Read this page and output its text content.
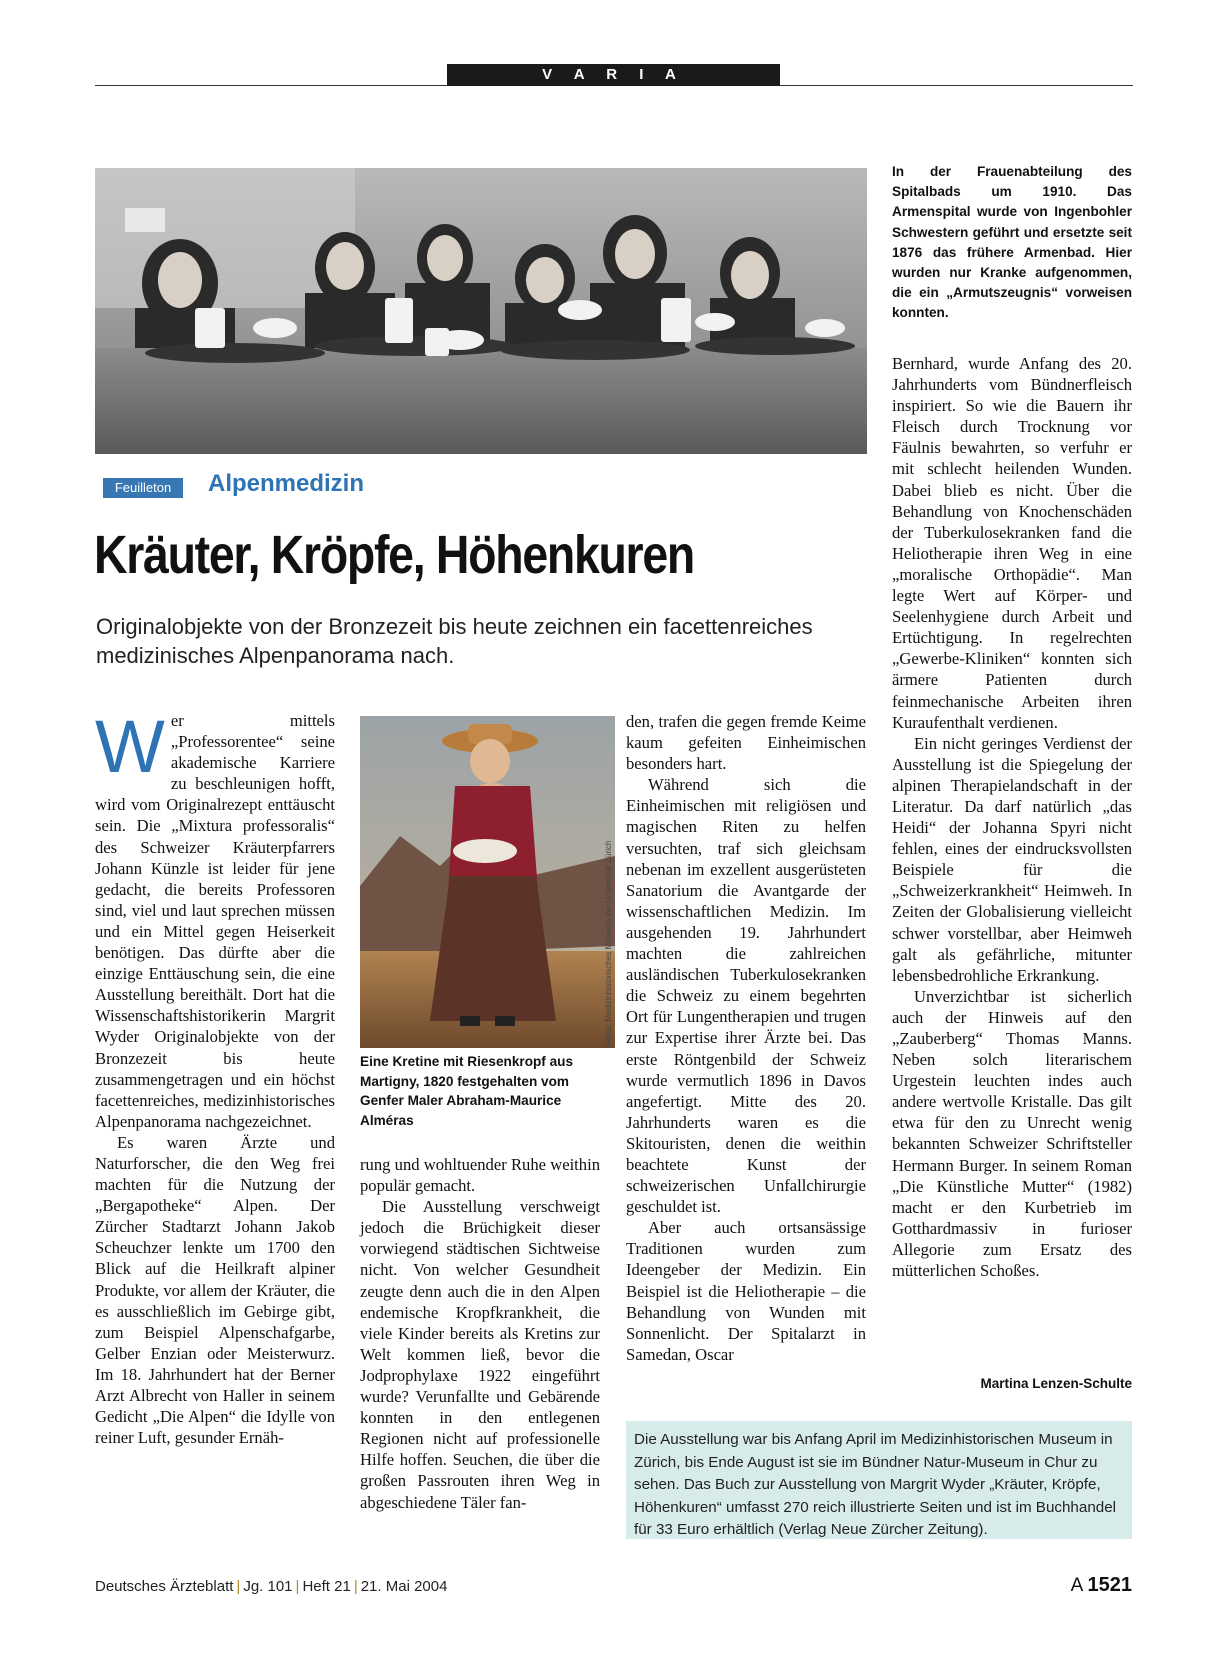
V A R I A
In der Frauenabteilung des Spitalbads um 1910. Das Armenspital wurde von Ingenbohler Schwestern geführt und ersetzte seit 1876 das frühere Armenbad. Hier wurden nur Kranke aufgenommen, die ein „Armutszeugnis“ vorweisen konnten.
Feuilleton	Alpenmedizin
Kräuter, Kröpfe, Höhenkuren
Originalobjekte von der Bronzezeit bis heute zeichnen ein facettenreiches medizinisches Alpenpanorama nach.

Wer mittels „Professorentee“ seine akademische Karriere zu beschleunigen hofft, wird vom Originalrezept enttäuscht sein. Die „Mixtura professoralis“ des Schweizer Kräuterpfarrers Johann Künzle ist leider für jene gedacht, die bereits Professoren sind, viel und laut sprechen müssen und ein Mittel gegen Heiserkeit benötigen. Das dürfte aber die einzige Enttäuschung sein, die eine Ausstellung bereithält. Dort hat die Wissenschaftshistorikerin Margrit Wyder Originalobjekte von der Bronzezeit bis heute zusammengetragen und ein höchst facettenreiches, medizinhistorisches Alpenpanorama nachgezeichnet.

Es waren Ärzte und Naturforscher, die den Weg frei machten für die Nutzung der „Bergapotheke“ Alpen. Der Zürcher Stadtarzt Johann Jakob Scheuchzer lenkte um 1700 den Blick auf die Heilkraft alpiner Produkte, vor allem der Kräuter, die es ausschließlich im Gebirge gibt, zum Beispiel Alpenschafgarbe, Gelber Enzian oder Meisterwurz. Im 18. Jahrhundert hat der Berner Arzt Albrecht von Haller in seinem Gedicht „Die Alpen“ die Idylle von reiner Luft, gesunder Ernäh-

Fotos: Medizinhistorisches Museum der Universität Zürich
Eine Kretine mit Riesenkropf aus Martigny, 1820 festgehalten vom Genfer Maler Abraham-Maurice Alméras

rung und wohltuender Ruhe weithin populär gemacht.

Die Ausstellung verschweigt jedoch die Brüchigkeit dieser vorwiegend städtischen Sichtweise nicht. Von welcher Gesundheit zeugte denn auch die in den Alpen endemische Kropfkrankheit, die viele Kinder bereits als Kretins zur Welt kommen ließ, bevor die Jodprophylaxe 1922 eingeführt wurde? Verunfallte und Gebärende konnten in den entlegenen Regionen nicht auf professionelle Hilfe hoffen. Seuchen, die über die großen Passrouten ihren Weg in abgeschiedene Täler fan-

den, trafen die gegen fremde Keime kaum gefeiten Einheimischen besonders hart.

Während sich die Einheimischen mit religiösen und magischen Riten zu helfen versuchten, traf sich gleichsam nebenan im exzellent ausgerüsteten Sanatorium die Avantgarde der wissenschaftlichen Medizin. Im ausgehenden 19. Jahrhundert machten die zahlreichen ausländischen Tuberkulosekranken die Schweiz zu einem begehrten Ort für Lungentherapien und trugen zur Expertise ihrer Ärzte bei. Das erste Röntgenbild der Schweiz wurde vermutlich 1896 in Davos angefertigt. Mitte des 20. Jahrhunderts waren es die Skitouristen, denen die weithin beachtete Kunst der schweizerischen Unfallchirurgie geschuldet ist.

Aber auch ortsansässige Traditionen wurden zum Ideengeber der Medizin. Ein Beispiel ist die Heliotherapie – die Behandlung von Wunden mit Sonnenlicht. Der Spitalarzt in Samedan, Oscar

Bernhard, wurde Anfang des 20. Jahrhunderts vom Bündnerfleisch inspiriert. So wie die Bauern ihr Fleisch durch Trocknung vor Fäulnis bewahrten, so verfuhr er mit schlecht heilenden Wunden. Dabei blieb es nicht. Über die Behandlung von Knochenschäden der Tuberkulosekranken fand die Heliotherapie ihren Weg in eine „moralische Orthopädie“. Man legte Wert auf Körper- und Seelenhygiene durch Arbeit und Ertüchtigung. In regelrechten „Gewerbe-Kliniken“ konnten sich ärmere Patienten durch feinmechanische Arbeiten ihren Kuraufenthalt verdienen.

Ein nicht geringes Verdienst der Ausstellung ist die Spiegelung der alpinen Therapielandschaft in der Literatur. Da darf natürlich „das Heidi“ der Johanna Spyri nicht fehlen, eines der eindrucksvollsten Beispiele für die „Schweizerkrankheit“ Heimweh. In Zeiten der Globalisierung vielleicht schwer vorstellbar, aber Heimweh galt als gefährliche, mitunter lebensbedrohliche Erkrankung.

Unverzichtbar ist sicherlich auch der Hinweis auf den „Zauberberg“ Thomas Manns. Neben solch literarischem Urgestein leuchten indes auch andere wertvolle Kristalle. Das gilt etwa für den zu Unrecht wenig bekannten Schweizer Schriftsteller Hermann Burger. In seinem Roman „Die Künstliche Mutter“ (1982) macht er den Kurbetrieb im Gotthardmassiv in furioser Allegorie zum Ersatz des mütterlichen Schoßes.

Martina Lenzen-Schulte
Die Ausstellung war bis Anfang April im Medizinhistorischen Museum in Zürich, bis Ende August ist sie im Bündner Natur-Museum in Chur zu sehen. Das Buch zur Ausstellung von Margrit Wyder „Kräuter, Kröpfe, Höhenkuren“ umfasst 270 reich illustrierte Seiten und ist im Buchhandel für 33 Euro erhältlich (Verlag Neue Zürcher Zeitung).
Deutsches Ärzteblatt | Jg. 101 | Heft 21 | 21. Mai 2004	A 1521
